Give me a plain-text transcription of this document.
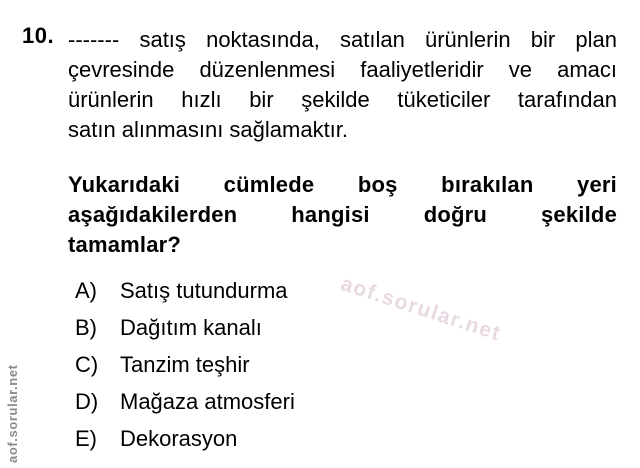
10. ------- satış noktasında, satılan ürünlerin bir plan
çevresinde düzenlenmesi faaliyetleridir ve amacı
ürünlerin hızlı bir şekilde tüketiciler tarafından
satın alınmasını sağlamaktır.
Yukarıdaki cümlede boş bırakılan yeri
aşağıdakilerden hangisi doğru şekilde
tamamlar?
A)	Satış tutundurma
B)	Dağıtım kanalı
C) Tanzim teşhir
D) Mağaza atmosferi
E)	Dekorasyon
aof.sorular.net
aof.sorular.net
